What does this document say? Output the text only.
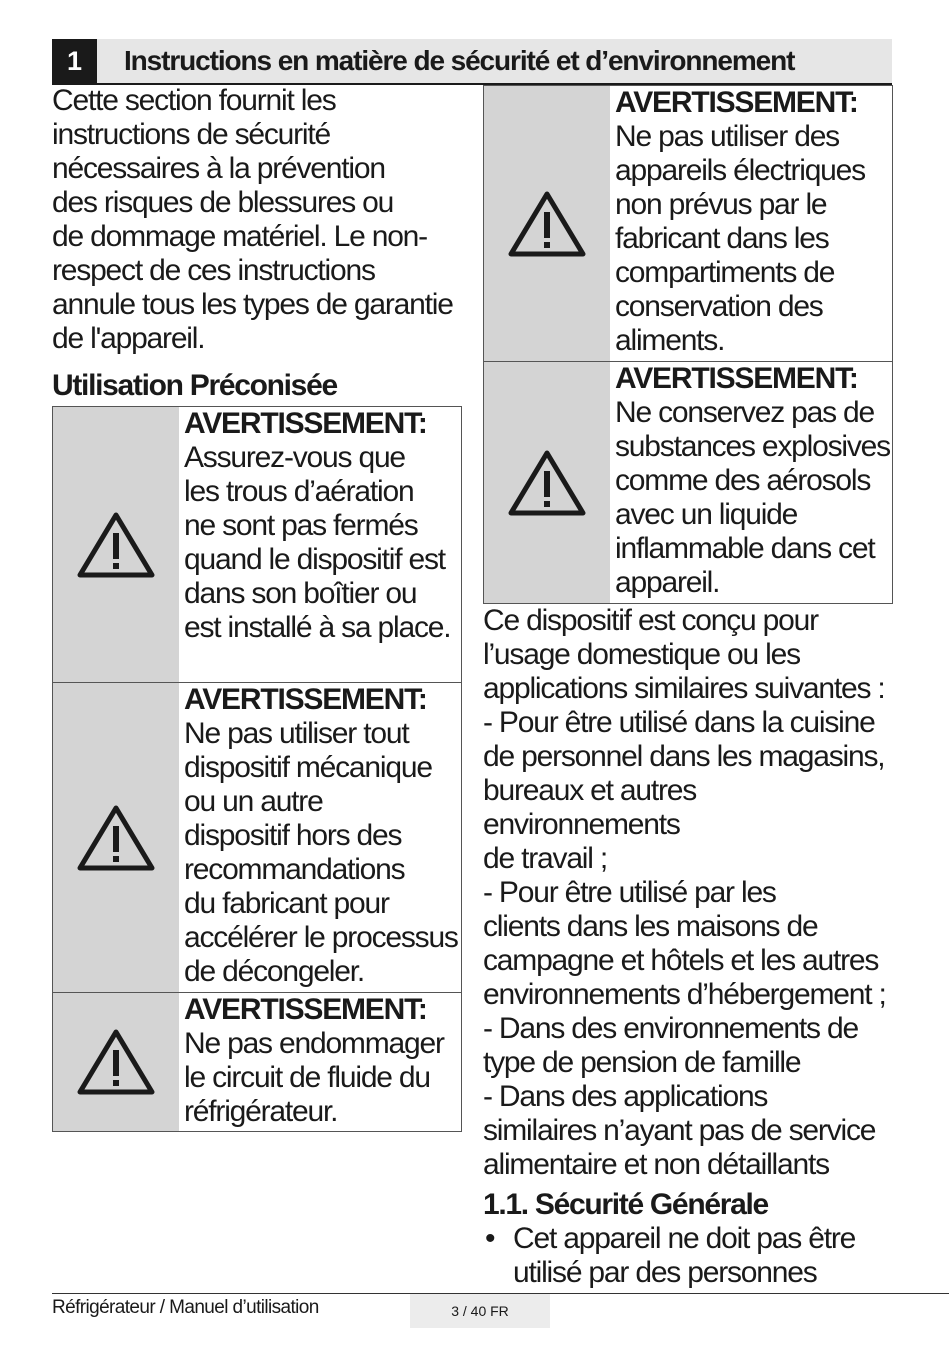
1	Instructions en matière de sécurité et d’environnement

Cette section fournit les
instructions de sécurité
nécessaires à la prévention
des risques de blessures ou
de dommage matériel. Le non-
respect de ces instructions
annule tous les types de garantie
de l'appareil.

Utilisation Préconisée
AVERTISSEMENT:
Assurez-vous que
les trous d’aération
ne sont pas fermés
quand le dispositif est
dans son boîtier ou
est installé à sa place.
AVERTISSEMENT:
Ne pas utiliser tout
dispositif mécanique
ou un autre
dispositif hors des
recommandations
du fabricant pour
accélérer le processus
de décongeler.
AVERTISSEMENT:
Ne pas endommager
le circuit de fluide du
réfrigérateur.
AVERTISSEMENT:
Ne pas utiliser des
appareils électriques
non prévus par le
fabricant dans les
compartiments de
conservation des
aliments.
AVERTISSEMENT:
Ne conservez pas de
substances explosives
comme des aérosols
avec un liquide
inflammable dans cet
appareil.

Ce dispositif est conçu pour
l’usage domestique ou les
applications similaires suivantes :
- Pour être utilisé dans la cuisine
de personnel dans les magasins,
bureaux et autres environnements
de travail ;
- Pour être utilisé par les
clients dans les maisons de
campagne et hôtels et les autres
environnements d’hébergement ;
- Dans des environnements de
type de pension de famille
- Dans des applications
similaires n’ayant pas de service
alimentaire et non détaillants

1.1. Sécurité Générale
• Cet appareil ne doit pas être
utilisé par des personnes
Réfrigérateur / Manuel d’utilisation	3 / 40 FR
